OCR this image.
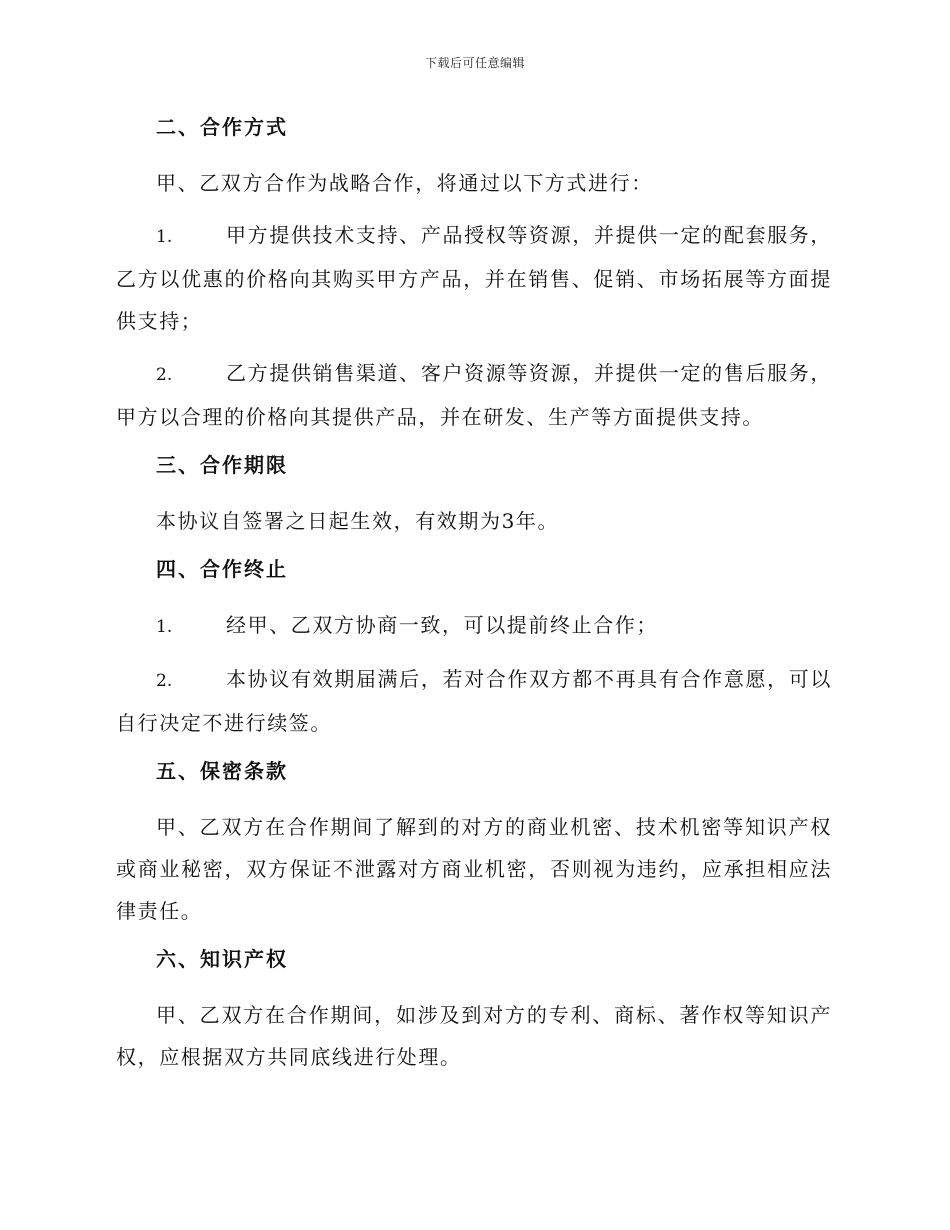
下载后可任意编辑
二、合作方式

甲、乙双方合作为战略合作，将通过以下方式进行：

1.	甲方提供技术支持、产品授权等资源，并提供一定的配套服务，乙方以优惠的价格向其购买甲方产品，并在销售、促销、市场拓展等方面提供支持；

2.	乙方提供销售渠道、客户资源等资源，并提供一定的售后服务，甲方以合理的价格向其提供产品，并在研发、生产等方面提供支持。

三、合作期限

本协议自签署之日起生效，有效期为3年。

四、合作终止

1.	经甲、乙双方协商一致，可以提前终止合作；

2.	本协议有效期届满后，若对合作双方都不再具有合作意愿，可以自行决定不进行续签。

五、保密条款

甲、乙双方在合作期间了解到的对方的商业机密、技术机密等知识产权或商业秘密，双方保证不泄露对方商业机密，否则视为违约，应承担相应法律责任。

六、知识产权

甲、乙双方在合作期间，如涉及到对方的专利、商标、著作权等知识产权，应根据双方共同底线进行处理。
